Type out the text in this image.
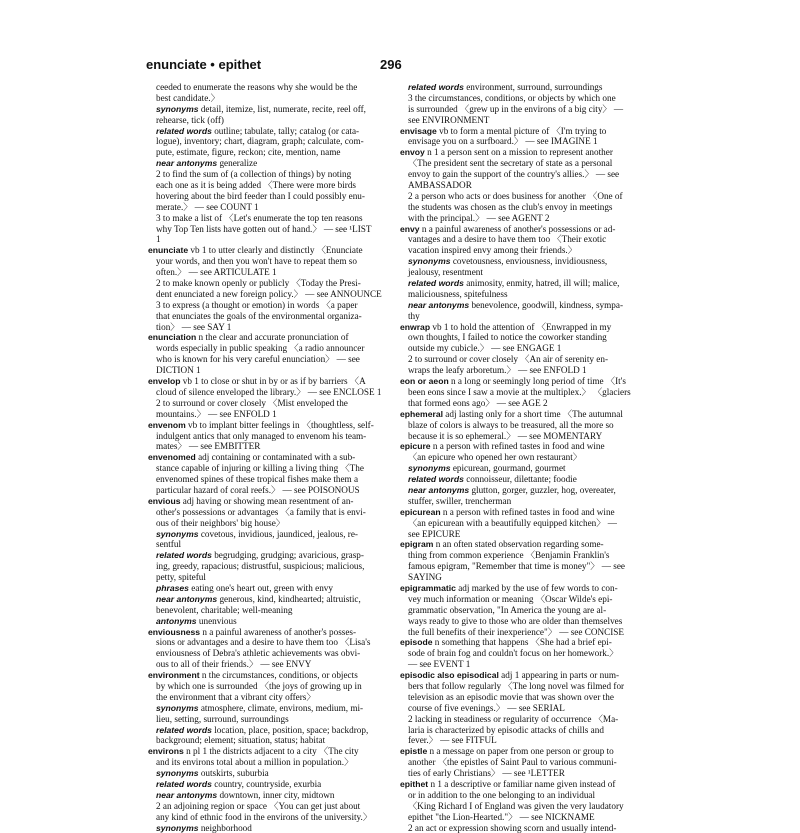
enunciate • epithet	296
ceeded to enumerate the reasons why she would be the
best candidate.〉
synonyms detail, itemize, list, numerate, recite, reel off,
rehearse, tick (off)
related words outline; tabulate, tally; catalog (or cata-
logue), inventory; chart, diagram, graph; calculate, com-
pute, estimate, figure, reckon; cite, mention, name
near antonyms generalize
2 to find the sum of (a collection of things) by noting
each one as it is being added 〈There were more birds
hovering about the bird feeder than I could possibly enu-
merate.〉 — see COUNT 1
3 to make a list of 〈Let's enumerate the top ten reasons
why Top Ten lists have gotten out of hand.〉 — see ¹LIST
1
enunciate vb 1 to utter clearly and distinctly 〈Enunciate
your words, and then you won't have to repeat them so
often.〉 — see ARTICULATE 1
2 to make known openly or publicly 〈Today the Presi-
dent enunciated a new foreign policy.〉 — see ANNOUNCE
3 to express (a thought or emotion) in words 〈a paper
that enunciates the goals of the environmental organiza-
tion〉 — see SAY 1
enunciation n the clear and accurate pronunciation of
words especially in public speaking 〈a radio announcer
who is known for his very careful enunciation〉 — see
DICTION 1
envelop vb 1 to close or shut in by or as if by barriers 〈A
cloud of silence enveloped the library.〉 — see ENCLOSE 1
2 to surround or cover closely 〈Mist enveloped the
mountains.〉 — see ENFOLD 1
envenom vb to implant bitter feelings in 〈thoughtless, self-
indulgent antics that only managed to envenom his team-
mates〉 — see EMBITTER
envenomed adj containing or contaminated with a sub-
stance capable of injuring or killing a living thing 〈The
envenomed spines of these tropical fishes make them a
particular hazard of coral reefs.〉 — see POISONOUS
envious adj having or showing mean resentment of an-
other's possessions or advantages 〈a family that is envi-
ous of their neighbors' big house〉
synonyms covetous, invidious, jaundiced, jealous, re-
sentful
related words begrudging, grudging; avaricious, grasp-
ing, greedy, rapacious; distrustful, suspicious; malicious,
petty, spiteful
phrases eating one's heart out, green with envy
near antonyms generous, kind, kindhearted; altruistic,
benevolent, charitable; well-meaning
antonyms unenvious
enviousness n a painful awareness of another's posses-
sions or advantages and a desire to have them too 〈Lisa's
enviousness of Debra's athletic achievements was obvi-
ous to all of their friends.〉 — see ENVY
environment n the circumstances, conditions, or objects
by which one is surrounded 〈the joys of growing up in
the environment that a vibrant city offers〉
synonyms atmosphere, climate, environs, medium, mi-
lieu, setting, surround, surroundings
related words location, place, position, space; backdrop,
background; element; situation, status; habitat
environs n pl 1 the districts adjacent to a city 〈The city
and its environs total about a million in population.〉
synonyms outskirts, suburbia
related words country, countryside, exurbia
near antonyms downtown, inner city, midtown
2 an adjoining region or space 〈You can get just about
any kind of ethnic food in the environs of the university.〉
synonyms neighborhood
related words environment, surround, surroundings
3 the circumstances, conditions, or objects by which one
is surrounded 〈grew up in the environs of a big city〉 —
see ENVIRONMENT
envisage vb to form a mental picture of 〈I'm trying to
envisage you on a surfboard.〉 — see IMAGINE 1
envoy n 1 a person sent on a mission to represent another
〈The president sent the secretary of state as a personal
envoy to gain the support of the country's allies.〉 — see
AMBASSADOR
2 a person who acts or does business for another 〈One of
the students was chosen as the club's envoy in meetings
with the principal.〉 — see AGENT 2
envy n a painful awareness of another's possessions or ad-
vantages and a desire to have them too 〈Their exotic
vacation inspired envy among their friends.〉
synonyms covetousness, enviousness, invidiousness,
jealousy, resentment
related words animosity, enmity, hatred, ill will; malice,
maliciousness, spitefulness
near antonyms benevolence, goodwill, kindness, sympa-
thy
enwrap vb 1 to hold the attention of 〈Enwrapped in my
own thoughts, I failed to notice the coworker standing
outside my cubicle.〉 — see ENGAGE 1
2 to surround or cover closely 〈An air of serenity en-
wraps the leafy arboretum.〉 — see ENFOLD 1
eon or aeon n a long or seemingly long period of time 〈It's
been eons since I saw a movie at the multiplex.〉 〈glaciers
that formed eons ago〉 — see AGE 2
ephemeral adj lasting only for a short time 〈The autumnal
blaze of colors is always to be treasured, all the more so
because it is so ephemeral.〉 — see MOMENTARY
epicure n a person with refined tastes in food and wine
〈an epicure who opened her own restaurant〉
synonyms epicurean, gourmand, gourmet
related words connoisseur, dilettante; foodie
near antonyms glutton, gorger, guzzler, hog, overeater,
stuffer, swiller, trencherman
epicurean n a person with refined tastes in food and wine
〈an epicurean with a beautifully equipped kitchen〉 —
see EPICURE
epigram n an often stated observation regarding some-
thing from common experience 〈Benjamin Franklin's
famous epigram, "Remember that time is money"〉 — see
SAYING
epigrammatic adj marked by the use of few words to con-
vey much information or meaning 〈Oscar Wilde's epi-
grammatic observation, "In America the young are al-
ways ready to give to those who are older than themselves
the full benefits of their inexperience"〉 — see CONCISE
episode n something that happens 〈She had a brief epi-
sode of brain fog and couldn't focus on her homework.〉
— see EVENT 1
episodic also episodical adj 1 appearing in parts or num-
bers that follow regularly 〈The long novel was filmed for
television as an episodic movie that was shown over the
course of five evenings.〉 — see SERIAL
2 lacking in steadiness or regularity of occurrence 〈Ma-
laria is characterized by episodic attacks of chills and
fever.〉 — see FITFUL
epistle n a message on paper from one person or group to
another 〈the epistles of Saint Paul to various communi-
ties of early Christians〉 — see ¹LETTER
epithet n 1 a descriptive or familiar name given instead of
or in addition to the one belonging to an individual
〈King Richard I of England was given the very laudatory
epithet "the Lion-Hearted."〉 — see NICKNAME
2 an act or expression showing scorn and usually intend-
